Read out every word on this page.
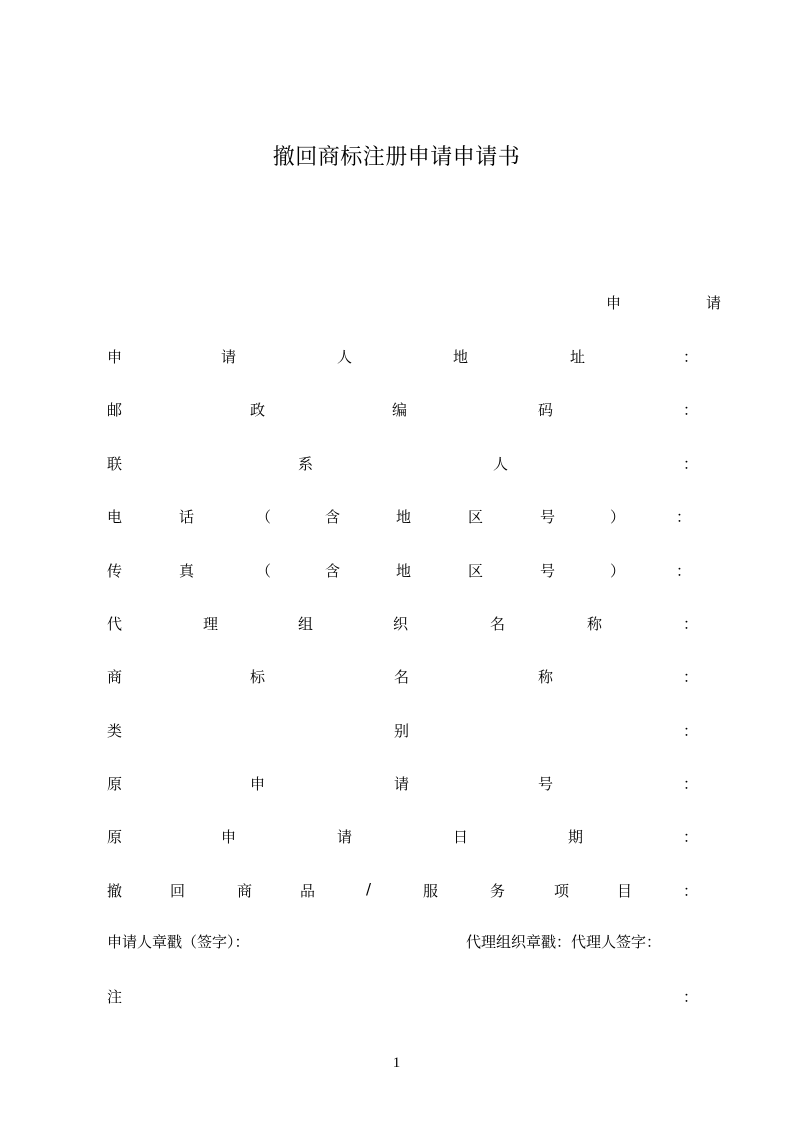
撤回商标注册申请申请书
申	请
申	请	人	地	址	：
邮	政	编	码	：
联	系	人	：
电	话	（	含	地	区	号	）	：
传	真	（	含	地	区	号	）	：
代	理	组	织	名	称	：
商	标	名	称	：
类	别	：
原	申	请	号	：
原	申	请	日	期	：
撤	回	商	品	/	服	务	项	目	：
申请人章戳（签字）：	代理组织章戳：代理人签字：
注	：
1
